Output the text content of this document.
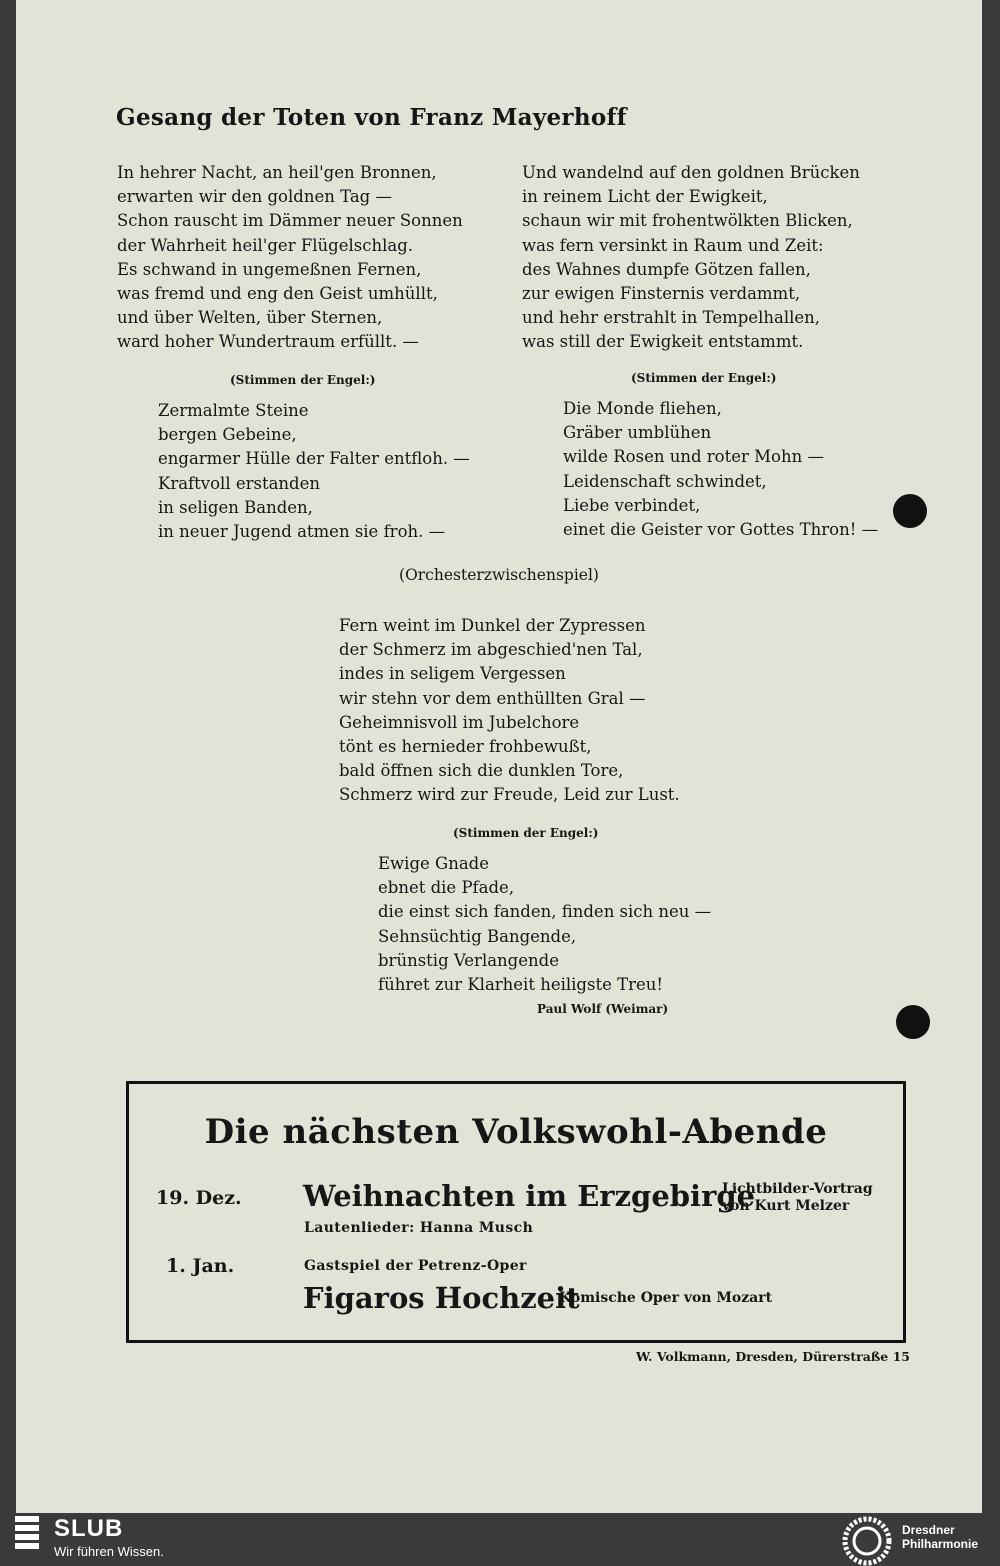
Gesang der Toten von Franz Mayerhoff
In hehrer Nacht, an heil'gen Bronnen,
erwarten wir den goldnen Tag —
Schon rauscht im Dämmer neuer Sonnen
der Wahrheit heil'ger Flügelschlag.
Es schwand in ungemeßnen Fernen,
was fremd und eng den Geist umhüllt,
und über Welten, über Sternen,
ward hoher Wundertraum erfüllt. —
Und wandelnd auf den goldnen Brücken
in reinem Licht der Ewigkeit,
schaun wir mit frohentwölkten Blicken,
was fern versinkt in Raum und Zeit:
des Wahnes dumpfe Götzen fallen,
zur ewigen Finsternis verdammt,
und hehr erstrahlt in Tempelhallen,
was still der Ewigkeit entstammt.
(Stimmen der Engel:)	(Stimmen der Engel:)
Zermalmte Steine
bergen Gebeine,
engarmer Hülle der Falter entfloh. —
Kraftvoll erstanden
in seligen Banden,
in neuer Jugend atmen sie froh. —
Die Monde fliehen,
Gräber umblühen
wilde Rosen und roter Mohn —
Leidenschaft schwindet,
Liebe verbindet,
einet die Geister vor Gottes Thron! —
(Orchesterzwischenspiel)
Fern weint im Dunkel der Zypressen
der Schmerz im abgeschied'nen Tal,
indes in seligem Vergessen
wir stehn vor dem enthüllten Gral —
Geheimnisvoll im Jubelchore
tönt es hernieder frohbewußt,
bald öffnen sich die dunklen Tore,
Schmerz wird zur Freude, Leid zur Lust.
(Stimmen der Engel:)
Ewige Gnade
ebnet die Pfade,
die einst sich fanden, finden sich neu —
Sehnsüchtig Bangende,
brünstig Verlangende
führet zur Klarheit heiligste Treu!
Paul Wolf (Weimar)
Die nächsten Volkswohl-Abende
19. Dez. Weihnachten im Erzgebirge
Lichtbilder-Vortrag
von Kurt Melzer
Lautenlieder: Hanna Musch
1. Jan.	Gastspiel der Petrenz-Oper
Figaros Hochzeit
Komische Oper von Mozart
W. Volkmann, Dresden, Dürerstraße 15
SLUB
Wir führen Wissen.
Dresdner
Philharmonie
